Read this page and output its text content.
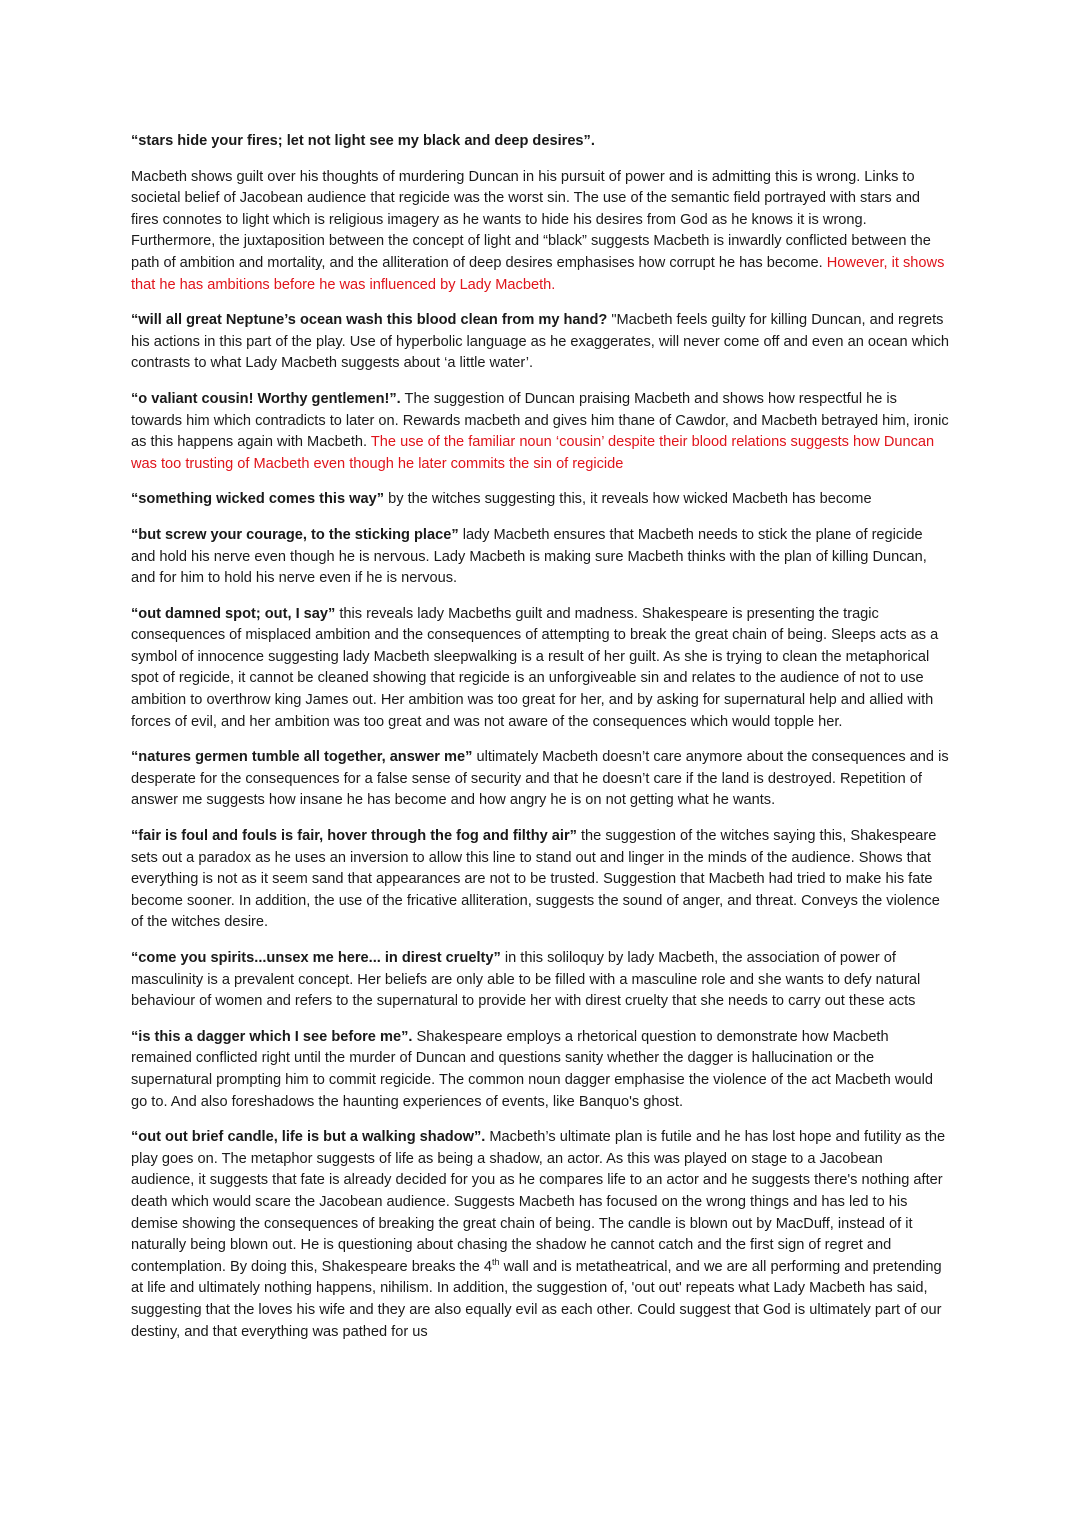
“stars hide your fires; let not light see my black and deep desires”.

Macbeth shows guilt over his thoughts of murdering Duncan in his pursuit of power and is admitting this is wrong. Links to societal belief of Jacobean audience that regicide was the worst sin. The use of the semantic field portrayed with stars and fires connotes to light which is religious imagery as he wants to hide his desires from God as he knows it is wrong. Furthermore, the juxtaposition between the concept of light and “black” suggests Macbeth is inwardly conflicted between the path of ambition and mortality, and the alliteration of deep desires emphasises how corrupt he has become. However, it shows that he has ambitions before he was influenced by Lady Macbeth.

“will all great Neptune’s ocean wash this blood clean from my hand? "Macbeth feels guilty for killing Duncan, and regrets his actions in this part of the play. Use of hyperbolic language as he exaggerates, will never come off and even an ocean which contrasts to what Lady Macbeth suggests about ‘a little water’.

“o valiant cousin! Worthy gentlemen!”. The suggestion of Duncan praising Macbeth and shows how respectful he is towards him which contradicts to later on. Rewards macbeth and gives him thane of Cawdor, and Macbeth betrayed him, ironic as this happens again with Macbeth. The use of the familiar noun ‘cousin’ despite their blood relations suggests how Duncan was too trusting of Macbeth even though he later commits the sin of regicide

“something wicked comes this way” by the witches suggesting this, it reveals how wicked Macbeth has become

“but screw your courage, to the sticking place” lady Macbeth ensures that Macbeth needs to stick the plane of regicide and hold his nerve even though he is nervous. Lady Macbeth is making sure Macbeth thinks with the plan of killing Duncan, and for him to hold his nerve even if he is nervous.

“out damned spot; out, I say” this reveals lady Macbeths guilt and madness. Shakespeare is presenting the tragic consequences of misplaced ambition and the consequences of attempting to break the great chain of being. Sleeps acts as a symbol of innocence suggesting lady Macbeth sleepwalking is a result of her guilt. As she is trying to clean the metaphorical spot of regicide, it cannot be cleaned showing that regicide is an unforgiveable sin and relates to the audience of not to use ambition to overthrow king James out. Her ambition was too great for her, and by asking for supernatural help and allied with forces of evil, and her ambition was too great and was not aware of the consequences which would topple her.

“natures germen tumble all together, answer me” ultimately Macbeth doesn’t care anymore about the consequences and is desperate for the consequences for a false sense of security and that he doesn’t care if the land is destroyed. Repetition of answer me suggests how insane he has become and how angry he is on not getting what he wants.

“fair is foul and fouls is fair, hover through the fog and filthy air” the suggestion of the witches saying this, Shakespeare sets out a paradox as he uses an inversion to allow this line to stand out and linger in the minds of the audience. Shows that everything is not as it seem sand that appearances are not to be trusted. Suggestion that Macbeth had tried to make his fate become sooner. In addition, the use of the fricative alliteration, suggests the sound of anger, and threat. Conveys the violence of the witches desire.

“come you spirits...unsex me here... in direst cruelty” in this soliloquy by lady Macbeth, the association of power of masculinity is a prevalent concept. Her beliefs are only able to be filled with a masculine role and she wants to defy natural behaviour of women and refers to the supernatural to provide her with direst cruelty that she needs to carry out these acts

“is this a dagger which I see before me”. Shakespeare employs a rhetorical question to demonstrate how Macbeth remained conflicted right until the murder of Duncan and questions sanity whether the dagger is hallucination or the supernatural prompting him to commit regicide. The common noun dagger emphasise the violence of the act Macbeth would go to. And also foreshadows the haunting experiences of events, like Banquo's ghost.

“out out brief candle, life is but a walking shadow”. Macbeth’s ultimate plan is futile and he has lost hope and futility as the play goes on. The metaphor suggests of life as being a shadow, an actor. As this was played on stage to a Jacobean audience, it suggests that fate is already decided for you as he compares life to an actor and he suggests there's nothing after death which would scare the Jacobean audience. Suggests Macbeth has focused on the wrong things and has led to his demise showing the consequences of breaking the great chain of being. The candle is blown out by MacDuff, instead of it naturally being blown out. He is questioning about chasing the shadow he cannot catch and the first sign of regret and contemplation. By doing this, Shakespeare breaks the 4th wall and is metatheatrical, and we are all performing and pretending at life and ultimately nothing happens, nihilism. In addition, the suggestion of, 'out out' repeats what Lady Macbeth has said, suggesting that the loves his wife and they are also equally evil as each other. Could suggest that God is ultimately part of our destiny, and that everything was pathed for us
